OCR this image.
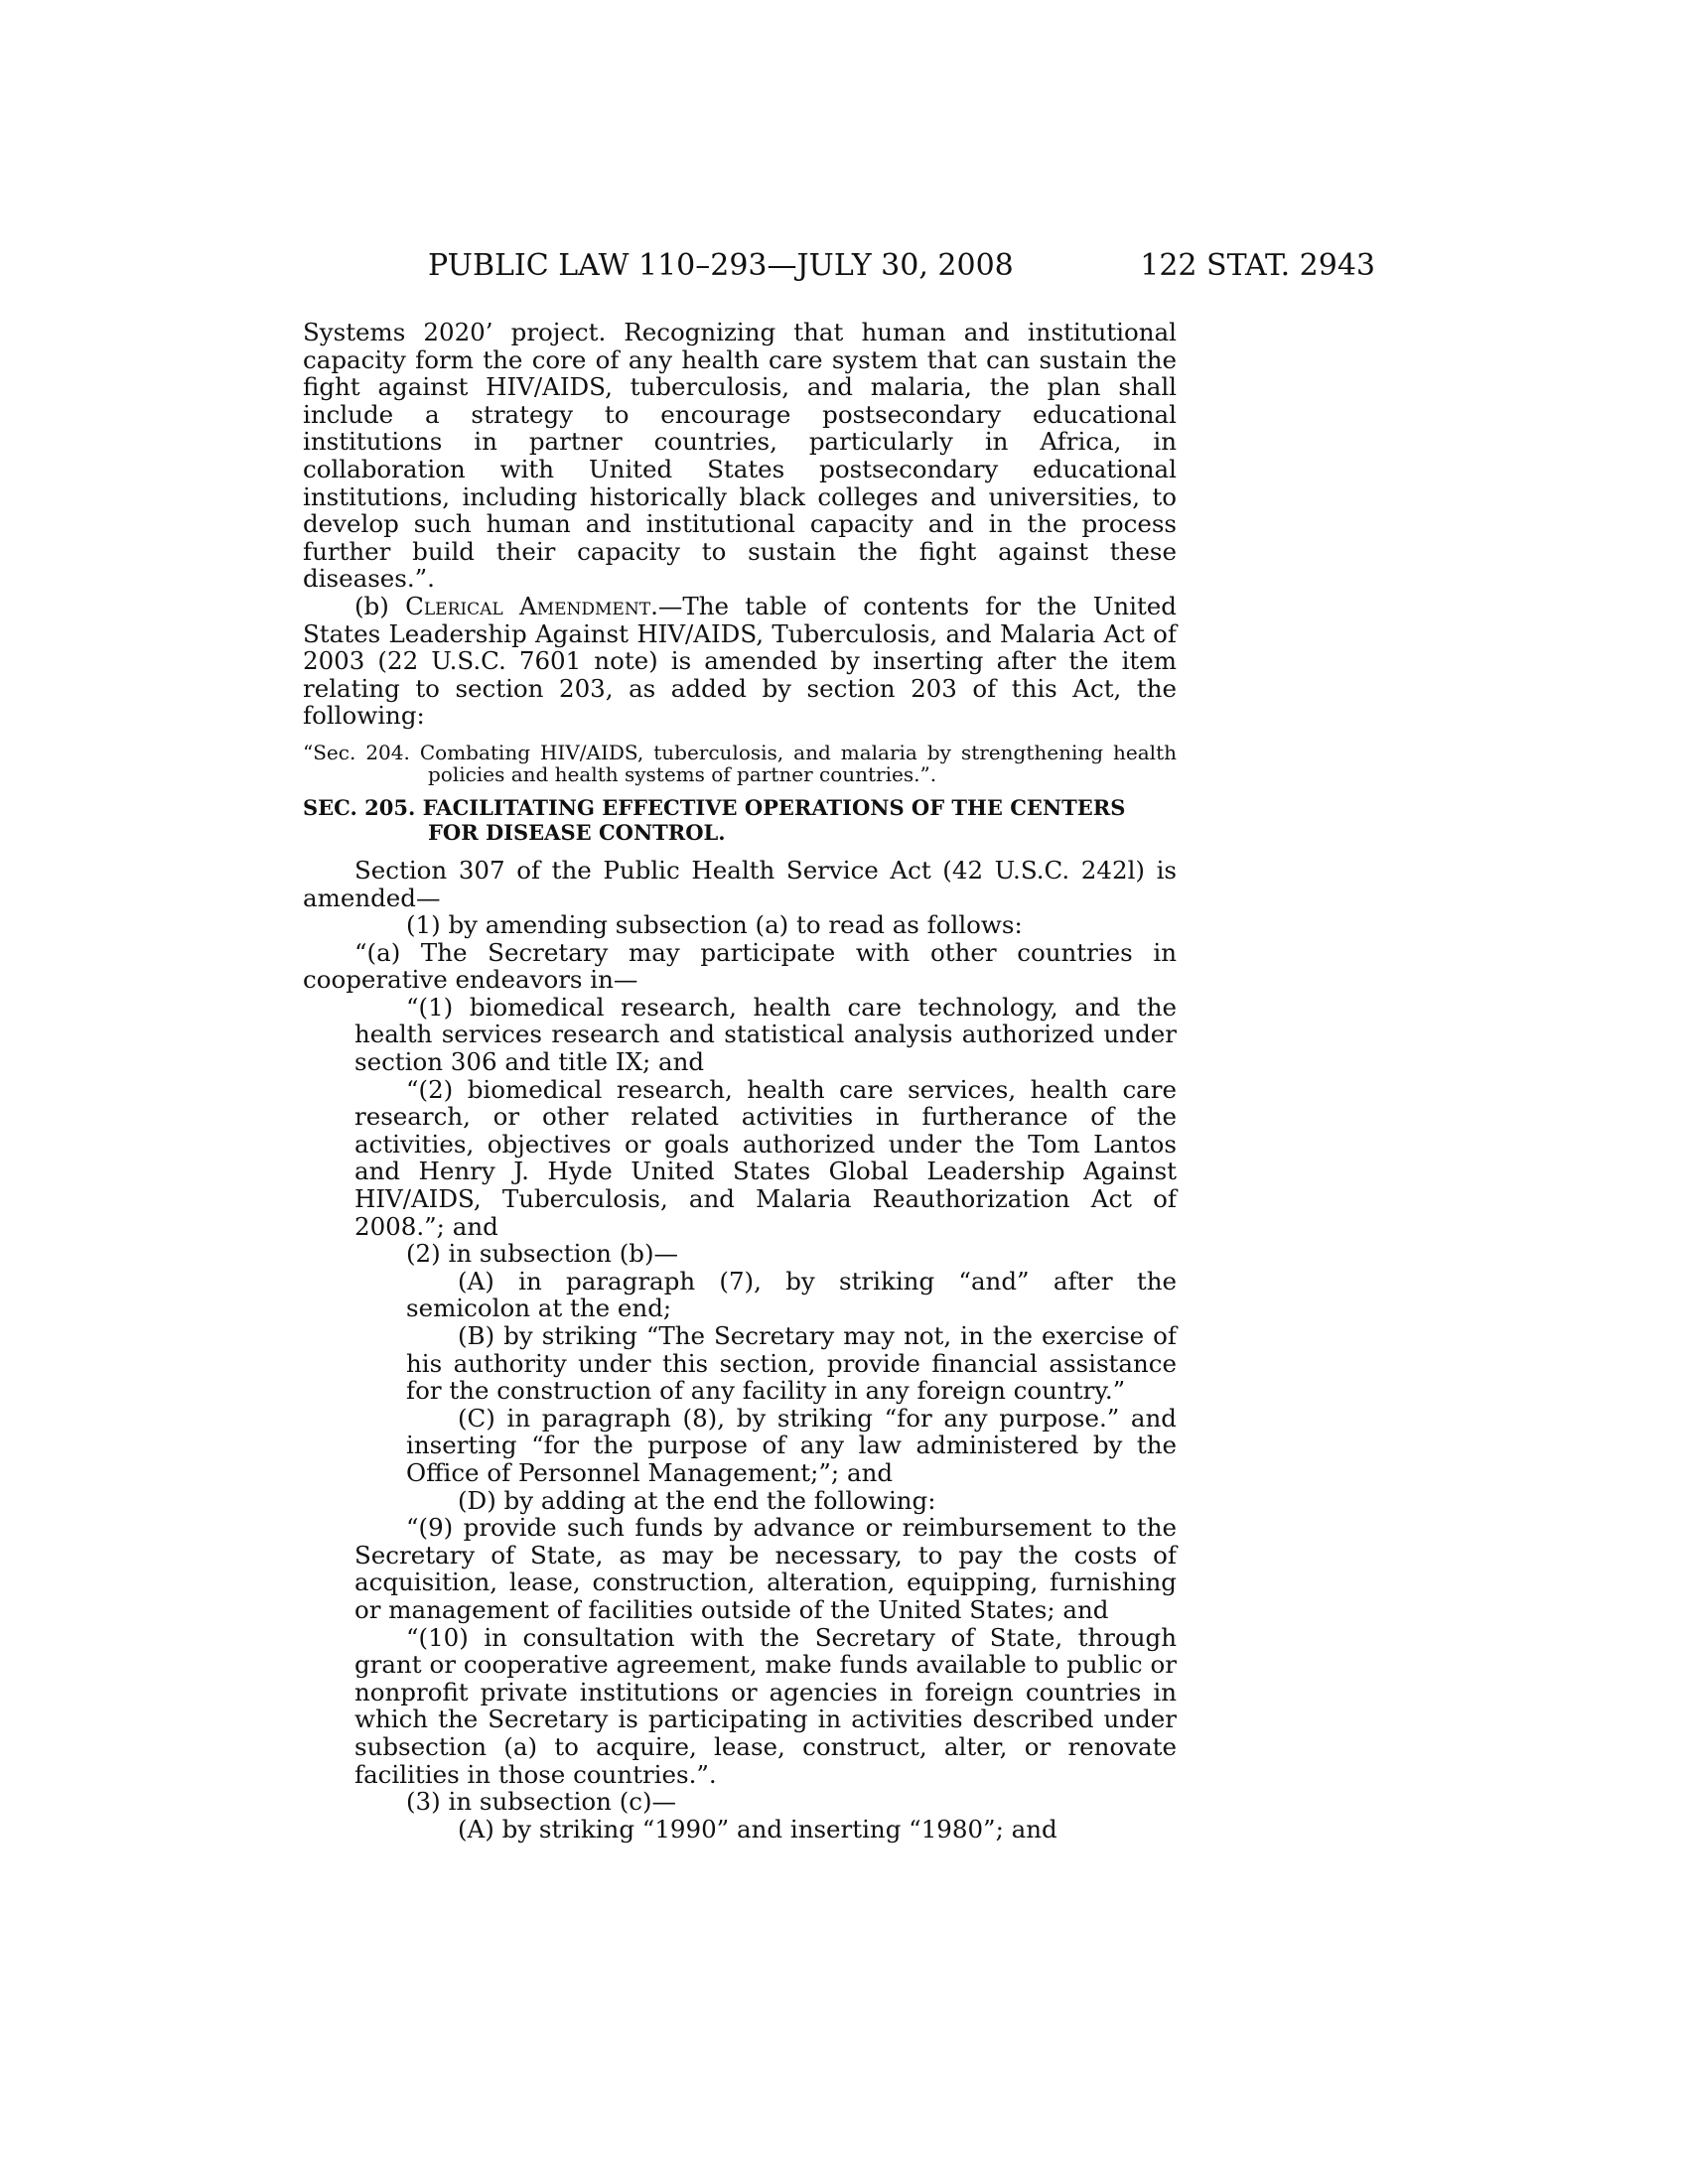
PUBLIC LAW 110–293—JULY 30, 2008	122 STAT. 2943

Systems 2020’ project. Recognizing that human and institutional capacity form the core of any health care system that can sustain the fight against HIV/AIDS, tuberculosis, and malaria, the plan shall include a strategy to encourage postsecondary educational institutions in partner countries, particularly in Africa, in collaboration with United States postsecondary educational institutions, including historically black colleges and universities, to develop such human and institutional capacity and in the process further build their capacity to sustain the fight against these diseases.”.

(b) Clerical Amendment.—The table of contents for the United States Leadership Against HIV/AIDS, Tuberculosis, and Malaria Act of 2003 (22 U.S.C. 7601 note) is amended by inserting after the item relating to section 203, as added by section 203 of this Act, the following:

“Sec. 204. Combating HIV/AIDS, tuberculosis, and malaria by strengthening health policies and health systems of partner countries.”.

SEC. 205. FACILITATING EFFECTIVE OPERATIONS OF THE CENTERS FOR DISEASE CONTROL.

Section 307 of the Public Health Service Act (42 U.S.C. 242l) is amended—

(1) by amending subsection (a) to read as follows:

“(a) The Secretary may participate with other countries in cooperative endeavors in—

“(1) biomedical research, health care technology, and the health services research and statistical analysis authorized under section 306 and title IX; and

“(2) biomedical research, health care services, health care research, or other related activities in furtherance of the activities, objectives or goals authorized under the Tom Lantos and Henry J. Hyde United States Global Leadership Against HIV/AIDS, Tuberculosis, and Malaria Reauthorization Act of 2008.”; and

(2) in subsection (b)—

(A) in paragraph (7), by striking “and” after the semicolon at the end;

(B) by striking “The Secretary may not, in the exercise of his authority under this section, provide financial assistance for the construction of any facility in any foreign country.”

(C) in paragraph (8), by striking “for any purpose.” and inserting “for the purpose of any law administered by the Office of Personnel Management;”; and

(D) by adding at the end the following:

“(9) provide such funds by advance or reimbursement to the Secretary of State, as may be necessary, to pay the costs of acquisition, lease, construction, alteration, equipping, furnishing or management of facilities outside of the United States; and

“(10) in consultation with the Secretary of State, through grant or cooperative agreement, make funds available to public or nonprofit private institutions or agencies in foreign countries in which the Secretary is participating in activities described under subsection (a) to acquire, lease, construct, alter, or renovate facilities in those countries.”.

(3) in subsection (c)—

(A) by striking “1990” and inserting “1980”; and
